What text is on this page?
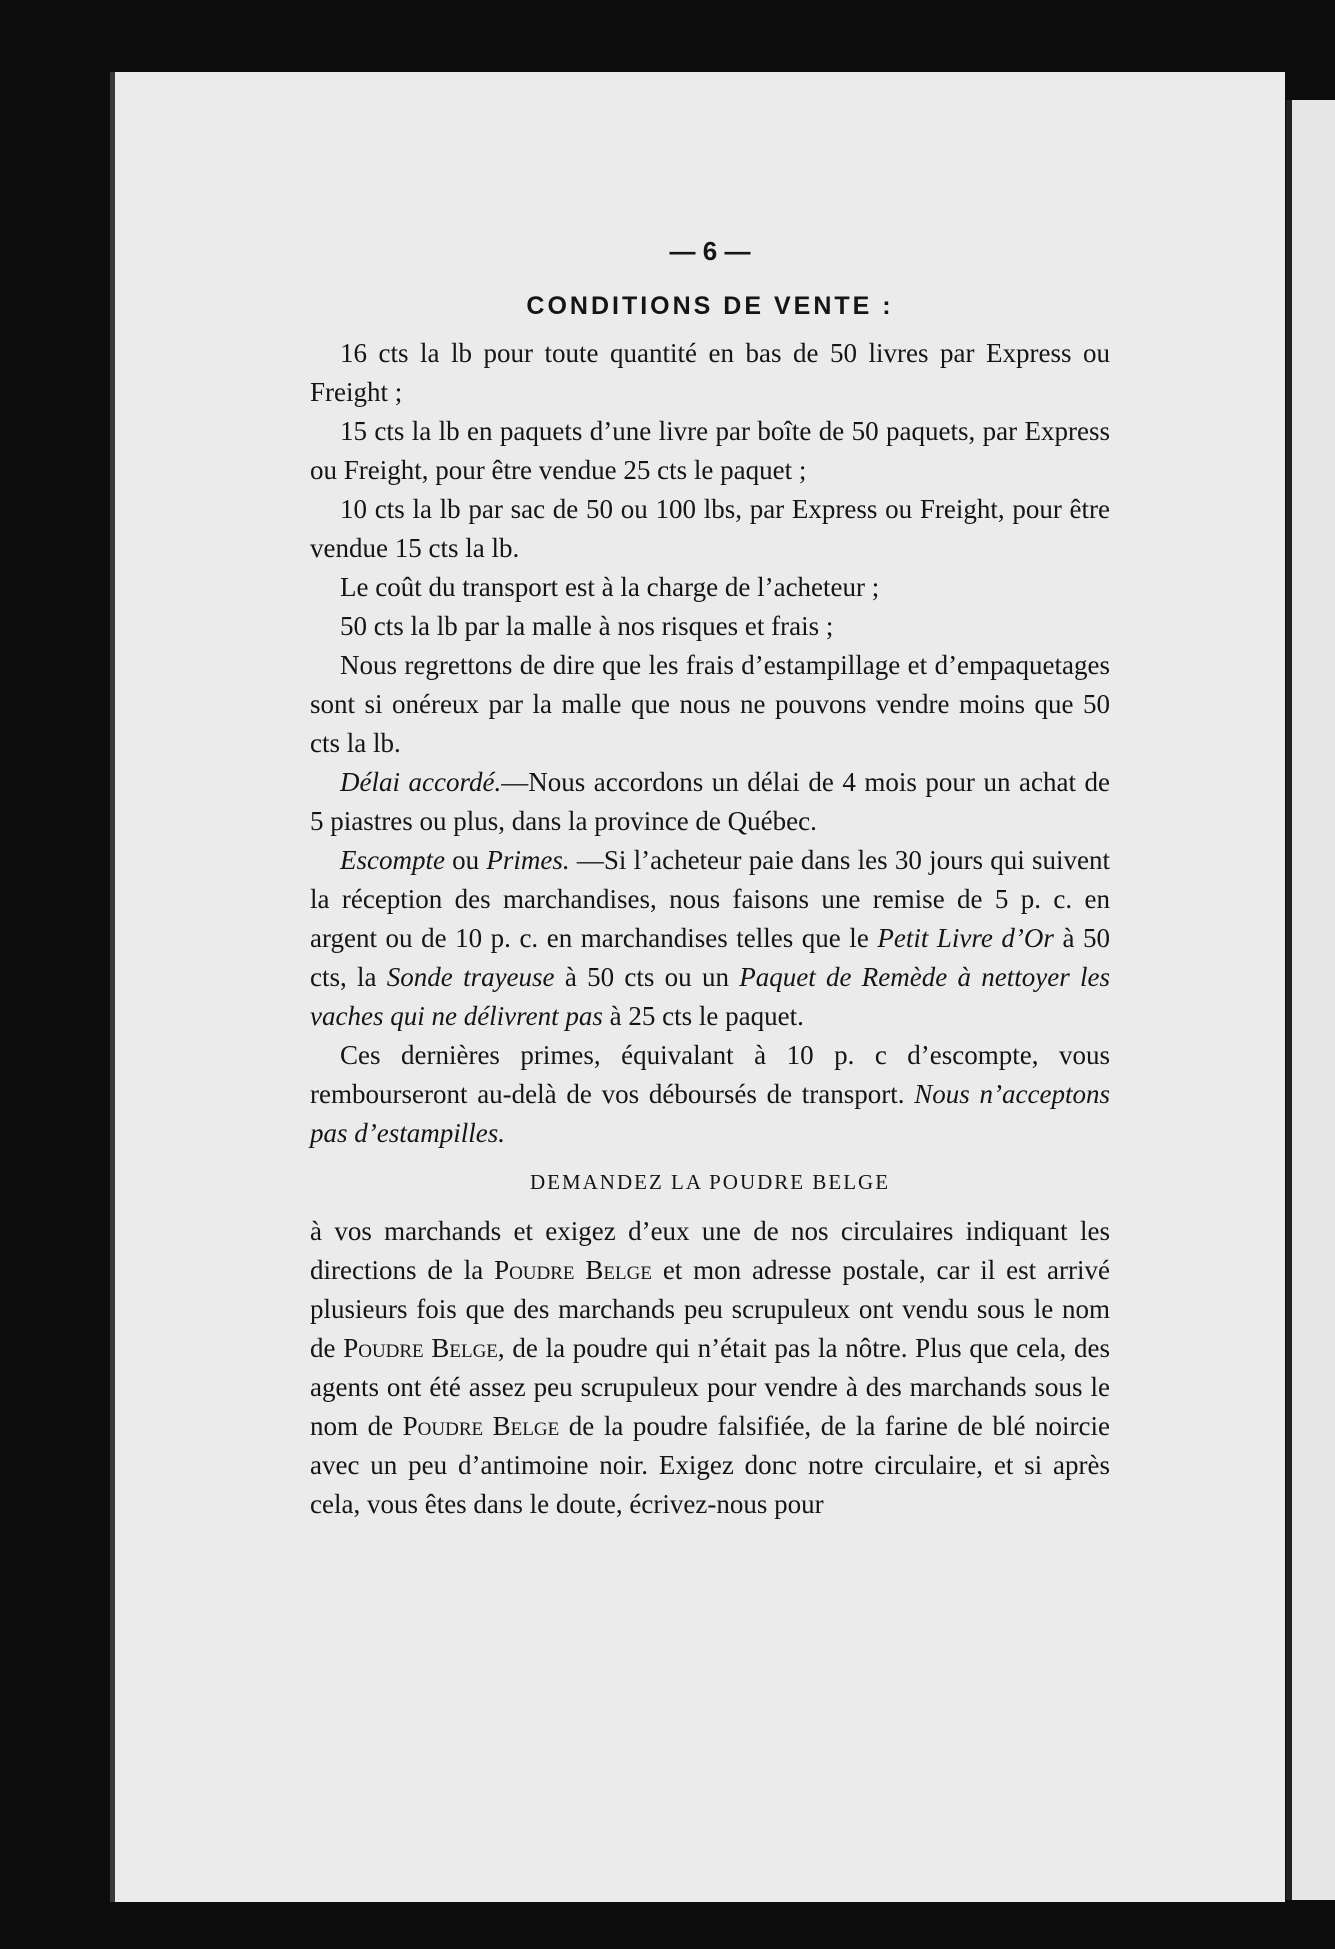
— 6 —
CONDITIONS DE VENTE :

16 cts la lb pour toute quantité en bas de 50 livres par Express ou Freight ;

15 cts la lb en paquets d’une livre par boîte de 50 paquets, par Express ou Freight, pour être vendue 25 cts le paquet ;

10 cts la lb par sac de 50 ou 100 lbs, par Express ou Freight, pour être vendue 15 cts la lb.

Le coût du transport est à la charge de l’acheteur ;

50 cts la lb par la malle à nos risques et frais ;

Nous regrettons de dire que les frais d’estampillage et d’empaquetages sont si onéreux par la malle que nous ne pouvons vendre moins que 50 cts la lb.

Délai accordé.—Nous accordons un délai de 4 mois pour un achat de 5 piastres ou plus, dans la province de Québec.

Escompte ou Primes. —Si l’acheteur paie dans les 30 jours qui suivent la réception des marchandises, nous faisons une remise de 5 p. c. en argent ou de 10 p. c. en marchandises telles que le Petit Livre d’Or à 50 cts, la Sonde trayeuse à 50 cts ou un Paquet de Remède à nettoyer les vaches qui ne délivrent pas à 25 cts le paquet.

Ces dernières primes, équivalant à 10 p. c d’escompte, vous rembourseront au-delà de vos déboursés de transport. Nous n’acceptons pas d’estampilles.

DEMANDEZ LA POUDRE BELGE

à vos marchands et exigez d’eux une de nos circulaires indiquant les directions de la Poudre Belge et mon adresse postale, car il est arrivé plusieurs fois que des marchands peu scrupuleux ont vendu sous le nom de Poudre Belge, de la poudre qui n’était pas la nôtre. Plus que cela, des agents ont été assez peu scrupuleux pour vendre à des marchands sous le nom de Poudre Belge de la poudre falsifiée, de la farine de blé noircie avec un peu d’antimoine noir. Exigez donc notre circulaire, et si après cela, vous êtes dans le doute, écrivez-nous pour
